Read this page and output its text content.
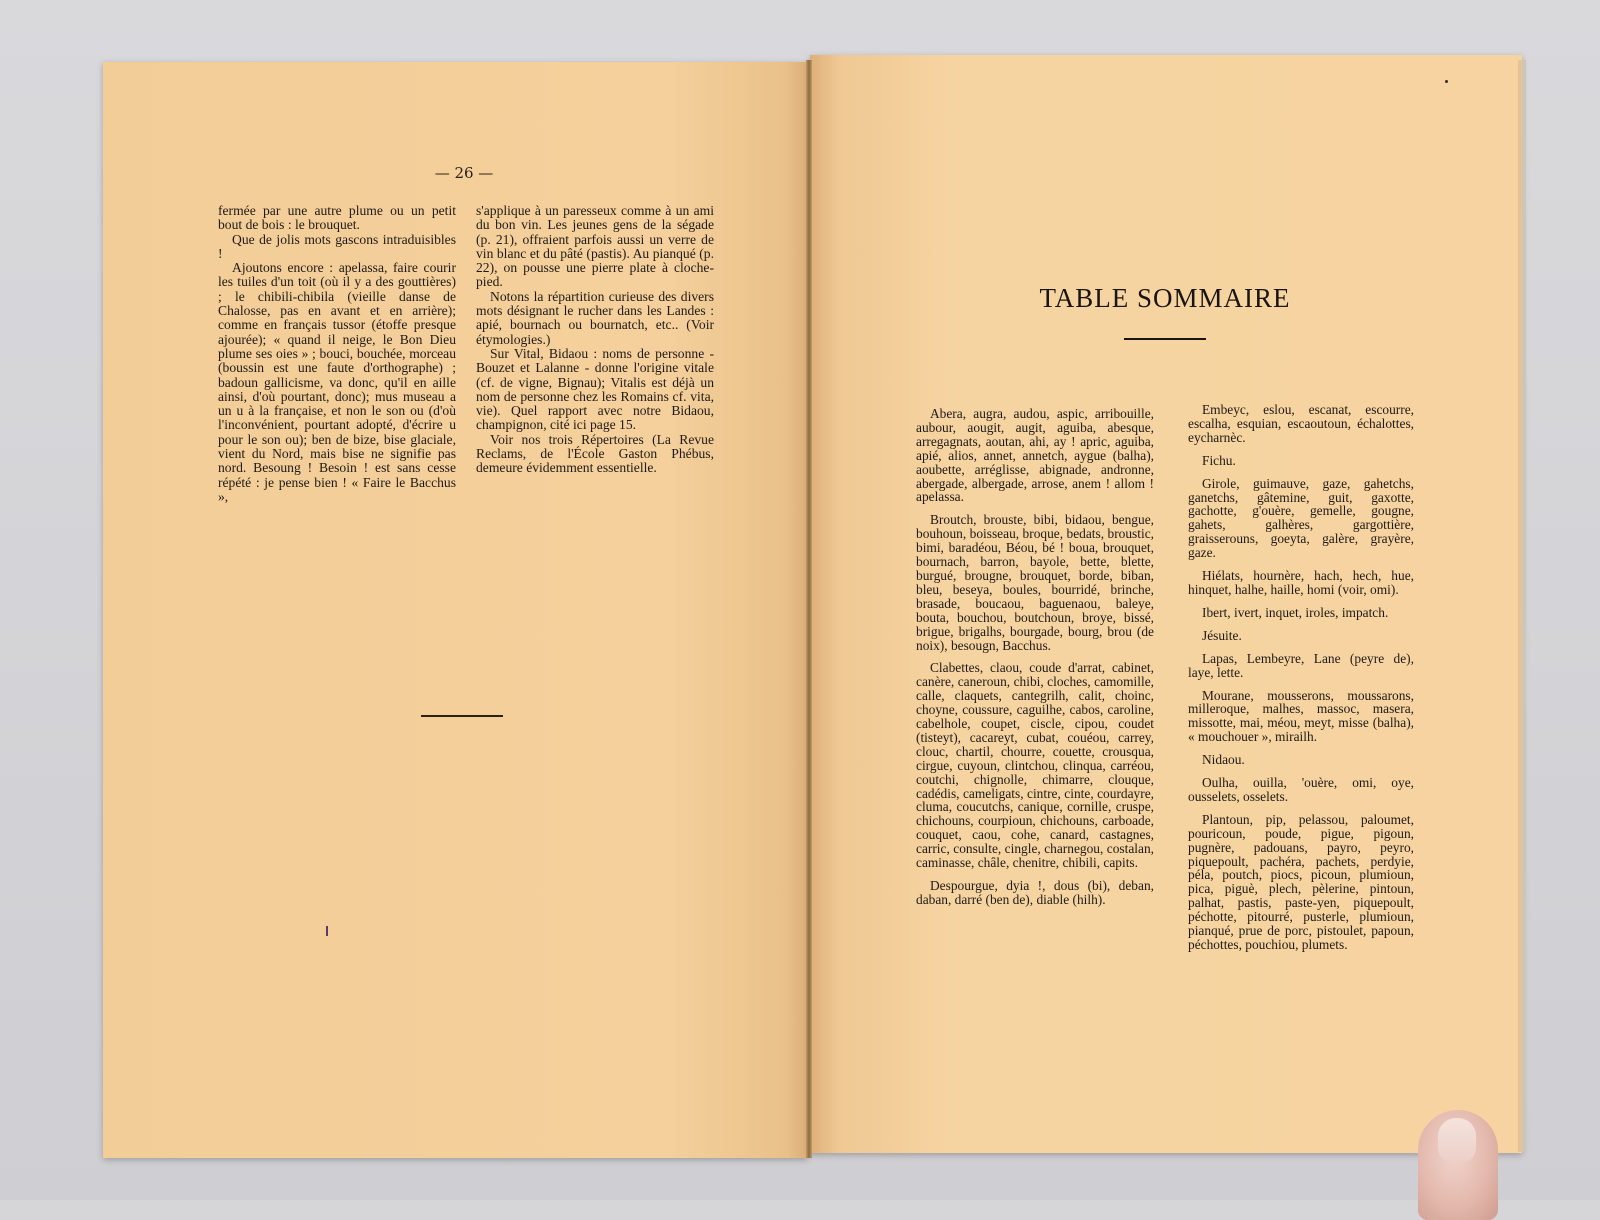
— 26 —

fermée par une autre plume ou un petit bout de bois : le brouquet.

Que de jolis mots gascons intraduisibles !

Ajoutons encore : apelassa, faire courir les tuiles d'un toit (où il y a des gouttières) ; le chibili-chibila (vieille danse de Chalosse, pas en avant et en arrière); comme en français tussor (étoffe presque ajourée); « quand il neige, le Bon Dieu plume ses oies » ; bouci, bouchée, morceau (boussin est une faute d'orthographe) ; badoun gallicisme, va donc, qu'il en aille ainsi, d'où pourtant, donc); mus museau a un u à la française, et non le son ou (d'où l'inconvénient, pourtant adopté, d'écrire u pour le son ou); ben de bize, bise glaciale, vient du Nord, mais bise ne signifie pas nord. Besoung ! Besoin ! est sans cesse répété : je pense bien ! « Faire le Bacchus »,

s'applique à un paresseux comme à un ami du bon vin. Les jeunes gens de la ségade (p. 21), offraient parfois aussi un verre de vin blanc et du pâté (pastis). Au pianqué (p. 22), on pousse une pierre plate à cloche-pied.

Notons la répartition curieuse des divers mots désignant le rucher dans les Landes : apié, bournach ou bournatch, etc.. (Voir étymologies.)

Sur Vital, Bidaou : noms de personne - Bouzet et Lalanne - donne l'origine vitale (cf. de vigne, Bignau); Vitalis est déjà un nom de personne chez les Romains cf. vita, vie). Quel rapport avec notre Bidaou, champignon, cité ici page 15.

Voir nos trois Répertoires (La Revue Reclams, de l'École Gaston Phébus, demeure évidemment essentielle.

TABLE SOMMAIRE

Abera, augra, audou, aspic, arribouille, aubour, aougit, augit, aguiba, abesque, arregagnats, aoutan, ahi, ay ! apric, aguiba, apié, alios, annet, annetch, aygue (balha), aoubette, arréglisse, abignade, andronne, abergade, albergade, arrose, anem ! allom ! apelassa.

Broutch, brouste, bibi, bidaou, bengue, bouhoun, boisseau, broque, bedats, broustic, bimi, baradéou, Béou, bé ! boua, brouquet, bournach, barron, bayole, bette, blette, burgué, brougne, brouquet, borde, biban, bleu, beseya, boules, bourridé, brinche, brasade, boucaou, baguenaou, baleye, bouta, bouchou, boutchoun, broye, bissé, brigue, brigalhs, bourgade, bourg, brou (de noix), besougn, Bacchus.

Clabettes, claou, coude d'arrat, cabinet, canère, caneroun, chibi, cloches, camomille, calle, claquets, cantegrilh, calit, choinc, choyne, coussure, caguilhe, cabos, caroline, cabelhole, coupet, ciscle, cipou, coudet (tisteyt), cacareyt, cubat, couéou, carrey, clouc, chartil, chourre, couette, crousqua, cirgue, cuyoun, clintchou, clinqua, carréou, coutchi, chignolle, chimarre, clouque, cadédis, cameligats, cintre, cinte, courdayre, cluma, coucutchs, canique, cornille, cruspe, chichouns, courpioun, chichouns, carboade, couquet, caou, cohe, canard, castagnes, carric, consulte, cingle, charnegou, costalan, caminasse, châle, chenitre, chibili, capits.

Despourgue, dyia !, dous (bi), deban, daban, darré (ben de), diable (hilh).

Embeyc, eslou, escanat, escourre, escalha, esquian, escaoutoun, échalottes, eycharnèc.

Fichu.

Girole, guimauve, gaze, gahetchs, ganetchs, gâtemine, guit, gaxotte, gachotte, g'ouère, gemelle, gougne, gahets, galhères, gargottière, graisserouns, goeyta, galère, grayère, gaze.

Hiélats, hournère, hach, hech, hue, hinquet, halhe, haille, homi (voir, omi).

Ibert, ivert, inquet, iroles, impatch.

Jésuite.

Lapas, Lembeyre, Lane (peyre de), laye, lette.

Mourane, mousserons, moussarons, milleroque, malhes, massoc, masera, missotte, mai, méou, meyt, misse (balha), « mouchouer », mirailh.

Nidaou.

Oulha, ouilla, 'ouère, omi, oye, ousselets, osselets.

Plantoun, pip, pelassou, paloumet, pouricoun, poude, pigue, pigoun, pugnère, padouans, payro, peyro, piquepoult, pachéra, pachets, perdyie, péla, poutch, piocs, picoun, plumioun, pica, piguè, plech, pèlerine, pintoun, palhat, pastis, paste-yen, piquepoult, péchotte, pitourré, pusterle, plumioun, pianqué, prue de porc, pistoulet, papoun, péchottes, pouchiou, plumets.
